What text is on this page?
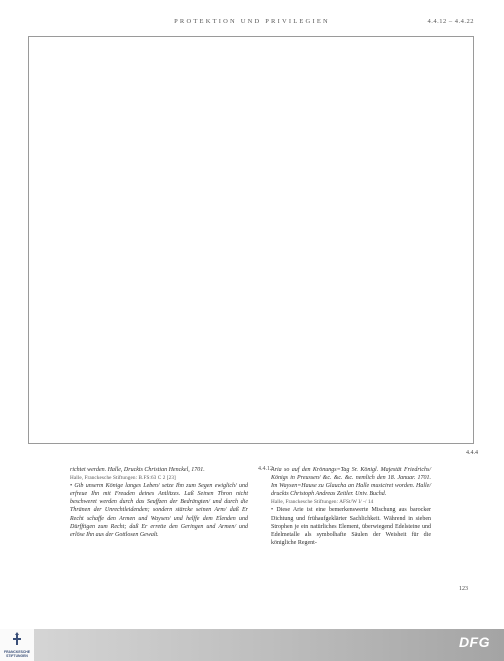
PROTEKTION UND PRIVILEGIEN	4.4.12 – 4.4.22
4.4.4
richtet werden. Halle, Druckts Christian Henckel, 1701.
Halle, Franckesche Stiftungen: B.FS:63 C 2 [23]
• Gib unserm Könige langes Leben/ setze Ihn zum Segen ewiglich/ und erfreue Ihn mit Freuden deines Antlitzes. Laß Seinen Thron nicht beschweret werden durch das Seuffzen der Bedrängten/ und durch die Thränen der Unrechtleidenden; sondern stärcke seinen Arm/ daß Er Recht schaffe den Armen und Waysen/ und helffe dem Elenden und Dürfftigen zum Recht; daß Er errette den Geringen und Armen/ und erlöse Ihn aus der Gottlosen Gewalt.
4.4.12
Aria so auf den Krönungs=Tag Sr. Königl. Majestät Friedrichs/ Königs in Preussen/ &c. &c. &c. nemlich den 18. Januar. 1701. Im Waysen=Hause zu Glaucha an Halle musiciret worden. Halle/ druckts Christoph Andreas Zeitler. Univ. Buchd.
Halle, Franckesche Stiftungen: AFSt/W I/ -/ 14
• Diese Arie ist eine bemerkenswerte Mischung aus barocker Dichtung und frühaufgeklärter Sachlichkeit. Während in sieben Strophen je ein natürliches Element, überwiegend Edelsteine und Edelmetalle als symbolhafte Säulen der Weisheit für die königliche Regent-
123
FRANCKESCHE STIFTUNGEN
DFG
